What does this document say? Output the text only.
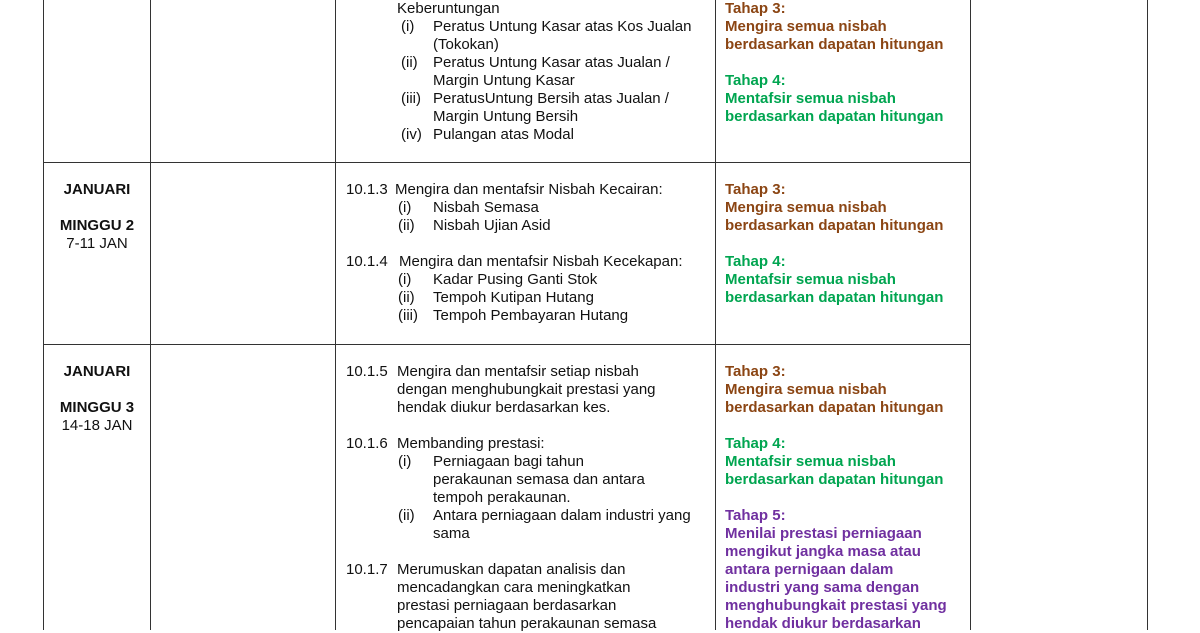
Keberuntungan
(i) Peratus Untung Kasar atas Kos Jualan
(Tokokan)
(ii) Peratus Untung Kasar atas Jualan /
Margin Untung Kasar
(iii) PeratusUntung Bersih atas Jualan /
Margin Untung Bersih
(iv) Pulangan atas Modal
Tahap 3:
Mengira semua nisbah
berdasarkan dapatan hitungan
Tahap 4:
Mentafsir semua nisbah
berdasarkan dapatan hitungan
JANUARI
MINGGU 2
7-11 JAN
10.1.3 Mengira dan mentafsir Nisbah Kecairan:
(i) Nisbah Semasa
(ii) Nisbah Ujian Asid
10.1.4 Mengira dan mentafsir Nisbah Kecekapan:
(i) Kadar Pusing Ganti Stok
(ii) Tempoh Kutipan Hutang
(iii) Tempoh Pembayaran Hutang
Tahap 3:
Mengira semua nisbah
berdasarkan dapatan hitungan
Tahap 4:
Mentafsir semua nisbah
berdasarkan dapatan hitungan
JANUARI
MINGGU 3
14-18 JAN
10.1.5 Mengira dan mentafsir setiap nisbah
dengan menghubungkait prestasi yang
hendak diukur berdasarkan kes.
10.1.6 Membanding prestasi:
(i) Perniagaan bagi tahun
perakaunan semasa dan antara
tempoh perakaunan.
(ii) Antara perniagaan dalam industri yang
sama
10.1.7 Merumuskan dapatan analisis dan
mencadangkan cara meningkatkan
prestasi perniagaan berdasarkan
pencapaian tahun perakaunan semasa
Tahap 3:
Mengira semua nisbah
berdasarkan dapatan hitungan
Tahap 4:
Mentafsir semua nisbah
berdasarkan dapatan hitungan
Tahap 5:
Menilai prestasi perniagaan
mengikut jangka masa atau
antara pernigaan dalam
industri yang sama dengan
menghubungkait prestasi yang
hendak diukur berdasarkan
